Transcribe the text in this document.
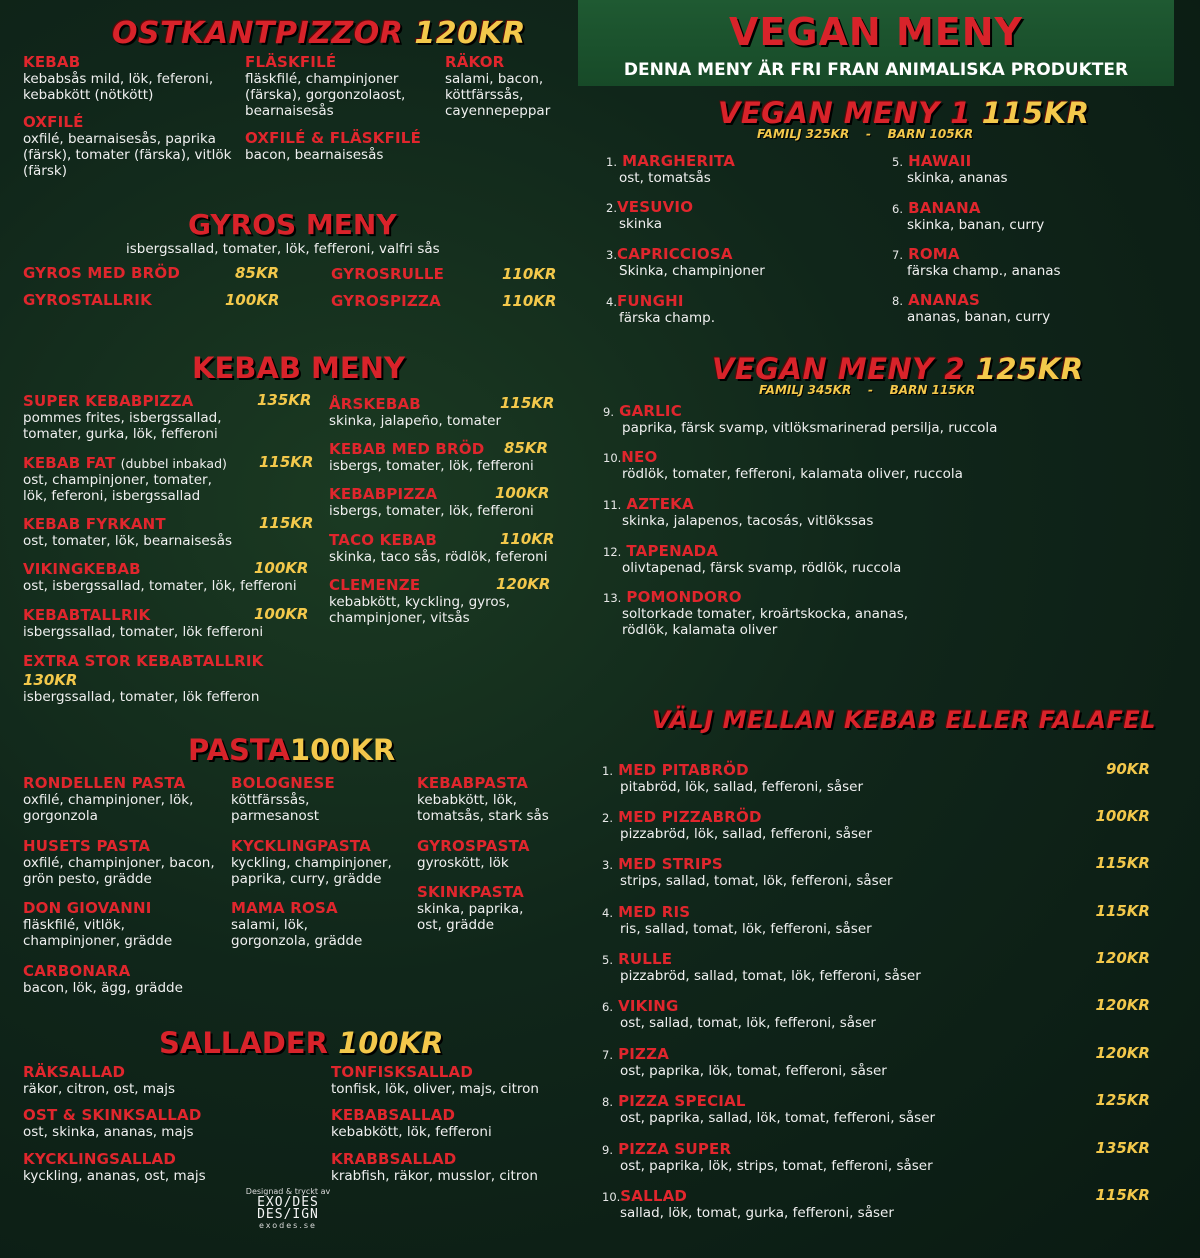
OSTKANTPIZZOR 120KR
KEBAB
kebabsås mild, lök, feferoni, kebabkött (nötkött)
OXFILÉ
oxfilé, bearnaisesås, paprika (färsk), tomater (färska), vitlök (färsk)
FLÄSKFILÉ
fläskfilé, champinjoner (färska), gorgonzolaost, bearnaisesås
OXFILÉ & FLÄSKFILÉ
bacon, bearnaisesås
RÄKOR
salami, bacon, köttfärssås, cayennepeppar
GYROS MENY
isbergssallad, tomater, lök, fefferoni, valfri sås
GYROS MED BRÖD	85KR
GYROSTALLRIK	100KR
GYROSRULLE	110KR
GYROSPIZZA	110KR
KEBAB MENY
SUPER KEBABPIZZA	135KR
pommes frites, isbergssallad, tomater, gurka, lök, fefferoni
KEBAB FAT (dubbel inbakad) 115KR
ost, champinjoner, tomater, lök, feferoni, isbergssallad
KEBAB FYRKANT	115KR
ost, tomater, lök, bearnaisesås
VIKINGKEBAB	100KR
ost, isbergssallad, tomater, lök, fefferoni
KEBABTALLRIK	100KR
isbergssallad, tomater, lök fefferoni
EXTRA STOR KEBABTALLRIK 130KR
isbergssallad, tomater, lök fefferon
ÅRSKEBAB	115KR
skinka, jalapeño, tomater
KEBAB MED BRÖD 85KR
isbergs, tomater, lök, fefferoni
KEBABPIZZA	100KR
isbergs, tomater, lök, fefferoni
TACO KEBAB	110KR
skinka, taco sås, rödlök, feferoni
CLEMENZE	120KR
kebabkött, kyckling, gyros, champinjoner, vitsås
PASTA100KR
RONDELLEN PASTA
oxfilé, champinjoner, lök, gorgonzola
HUSETS PASTA
oxfilé, champinjoner, bacon, grön pesto, grädde
DON GIOVANNI
fläskfilé, vitlök, champinjoner, grädde
CARBONARA
bacon, lök, ägg, grädde
BOLOGNESE
köttfärssås, parmesanost
KYCKLINGPASTA
kyckling, champinjoner, paprika, curry, grädde
MAMA ROSA
salami, lök, gorgonzola, grädde
KEBABPASTA
kebabkött, lök, tomatsås, stark sås
GYROSPASTA
gyroskött, lök
SKINKPASTA
skinka, paprika, ost, grädde
SALLADER 100KR
RÄKSALLAD
räkor, citron, ost, majs
OST & SKINKSALLAD
ost, skinka, ananas, majs
KYCKLINGSALLAD
kyckling, ananas, ost, majs
TONFISKSALLAD
tonfisk, lök, oliver, majs, citron
KEBABSALLAD
kebabkött, lök, fefferoni
KRABBSALLAD
krabfish, räkor, musslor, citron
Designad & tryckt av
EXO/DES
DES/IGN
exodes.se
VEGAN MENY
DENNA MENY ÄR FRI FRAN ANIMALISKA PRODUKTER
VEGAN MENY 1 115KR
FAMILJ 325KR - BARN 105KR
1. MARGHERITA
ost, tomatsås
2.VESUVIO
skinka
3.CAPRICCIOSA
Skinka, champinjoner
4.FUNGHI
färska champ.
5. HAWAII
skinka, ananas
6. BANANA
skinka, banan, curry
7. ROMA
färska champ., ananas
8. ANANAS
ananas, banan, curry
VEGAN MENY 2 125KR
FAMILJ 345KR - BARN 115KR
9. GARLIC
paprika, färsk svamp, vitlöksmarinerad persilja, ruccola
10.NEO
rödlök, tomater, fefferoni, kalamata oliver, ruccola
11. AZTEKA
skinka, jalapenos, tacosás, vitlökssas
12. TAPENADA
olivtapenad, färsk svamp, rödlök, ruccola
13. POMONDORO
soltorkade tomater, kroärtskocka, ananas, rödlök, kalamata oliver
VÄLJ MELLAN KEBAB ELLER FALAFEL
1. MED PITABRÖD	90KR
pitabröd, lök, sallad, fefferoni, såser
2. MED PIZZABRÖD	100KR
pizzabröd, lök, sallad, fefferoni, såser
3. MED STRIPS	115KR
strips, sallad, tomat, lök, fefferoni, såser
4. MED RIS	115KR
ris, sallad, tomat, lök, fefferoni, såser
5. RULLE	120KR
pizzabröd, sallad, tomat, lök, fefferoni, såser
6. VIKING	120KR
ost, sallad, tomat, lök, fefferoni, såser
7. PIZZA	120KR
ost, paprika, lök, tomat, fefferoni, såser
8. PIZZA SPECIAL	125KR
ost, paprika, sallad, lök, tomat, fefferoni, såser
9. PIZZA SUPER	135KR
ost, paprika, lök, strips, tomat, fefferoni, såser
10.SALLAD	115KR
sallad, lök, tomat, gurka, fefferoni, såser
